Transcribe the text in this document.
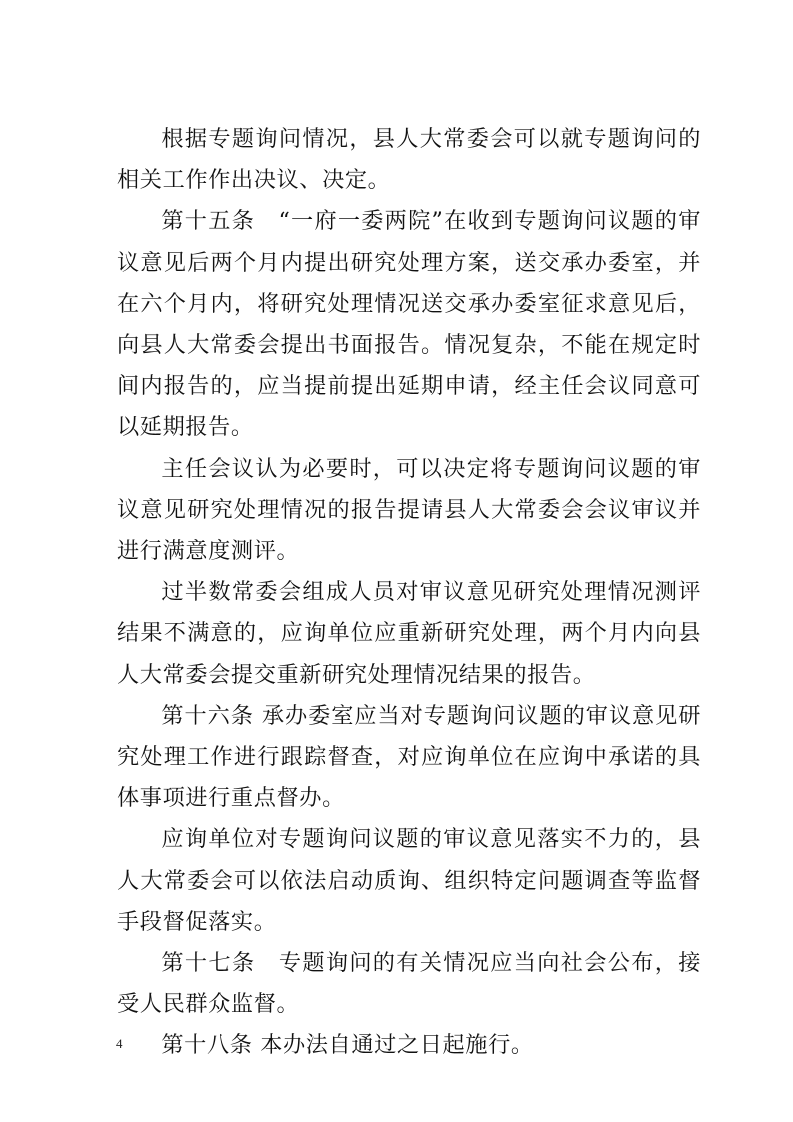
根据专题询问情况，县人大常委会可以就专题询问的相关工作作出决议、决定。

第十五条　“一府一委两院”在收到专题询问议题的审议意见后两个月内提出研究处理方案，送交承办委室，并在六个月内，将研究处理情况送交承办委室征求意见后，向县人大常委会提出书面报告。情况复杂，不能在规定时间内报告的，应当提前提出延期申请，经主任会议同意可以延期报告。

主任会议认为必要时，可以决定将专题询问议题的审议意见研究处理情况的报告提请县人大常委会会议审议并进行满意度测评。

过半数常委会组成人员对审议意见研究处理情况测评结果不满意的，应询单位应重新研究处理，两个月内向县人大常委会提交重新研究处理情况结果的报告。

第十六条 承办委室应当对专题询问议题的审议意见研究处理工作进行跟踪督查，对应询单位在应询中承诺的具体事项进行重点督办。

应询单位对专题询问议题的审议意见落实不力的，县人大常委会可以依法启动质询、组织特定问题调查等监督手段督促落实。

第十七条　专题询问的有关情况应当向社会公布，接受人民群众监督。

第十八条 本办法自通过之日起施行。

4
